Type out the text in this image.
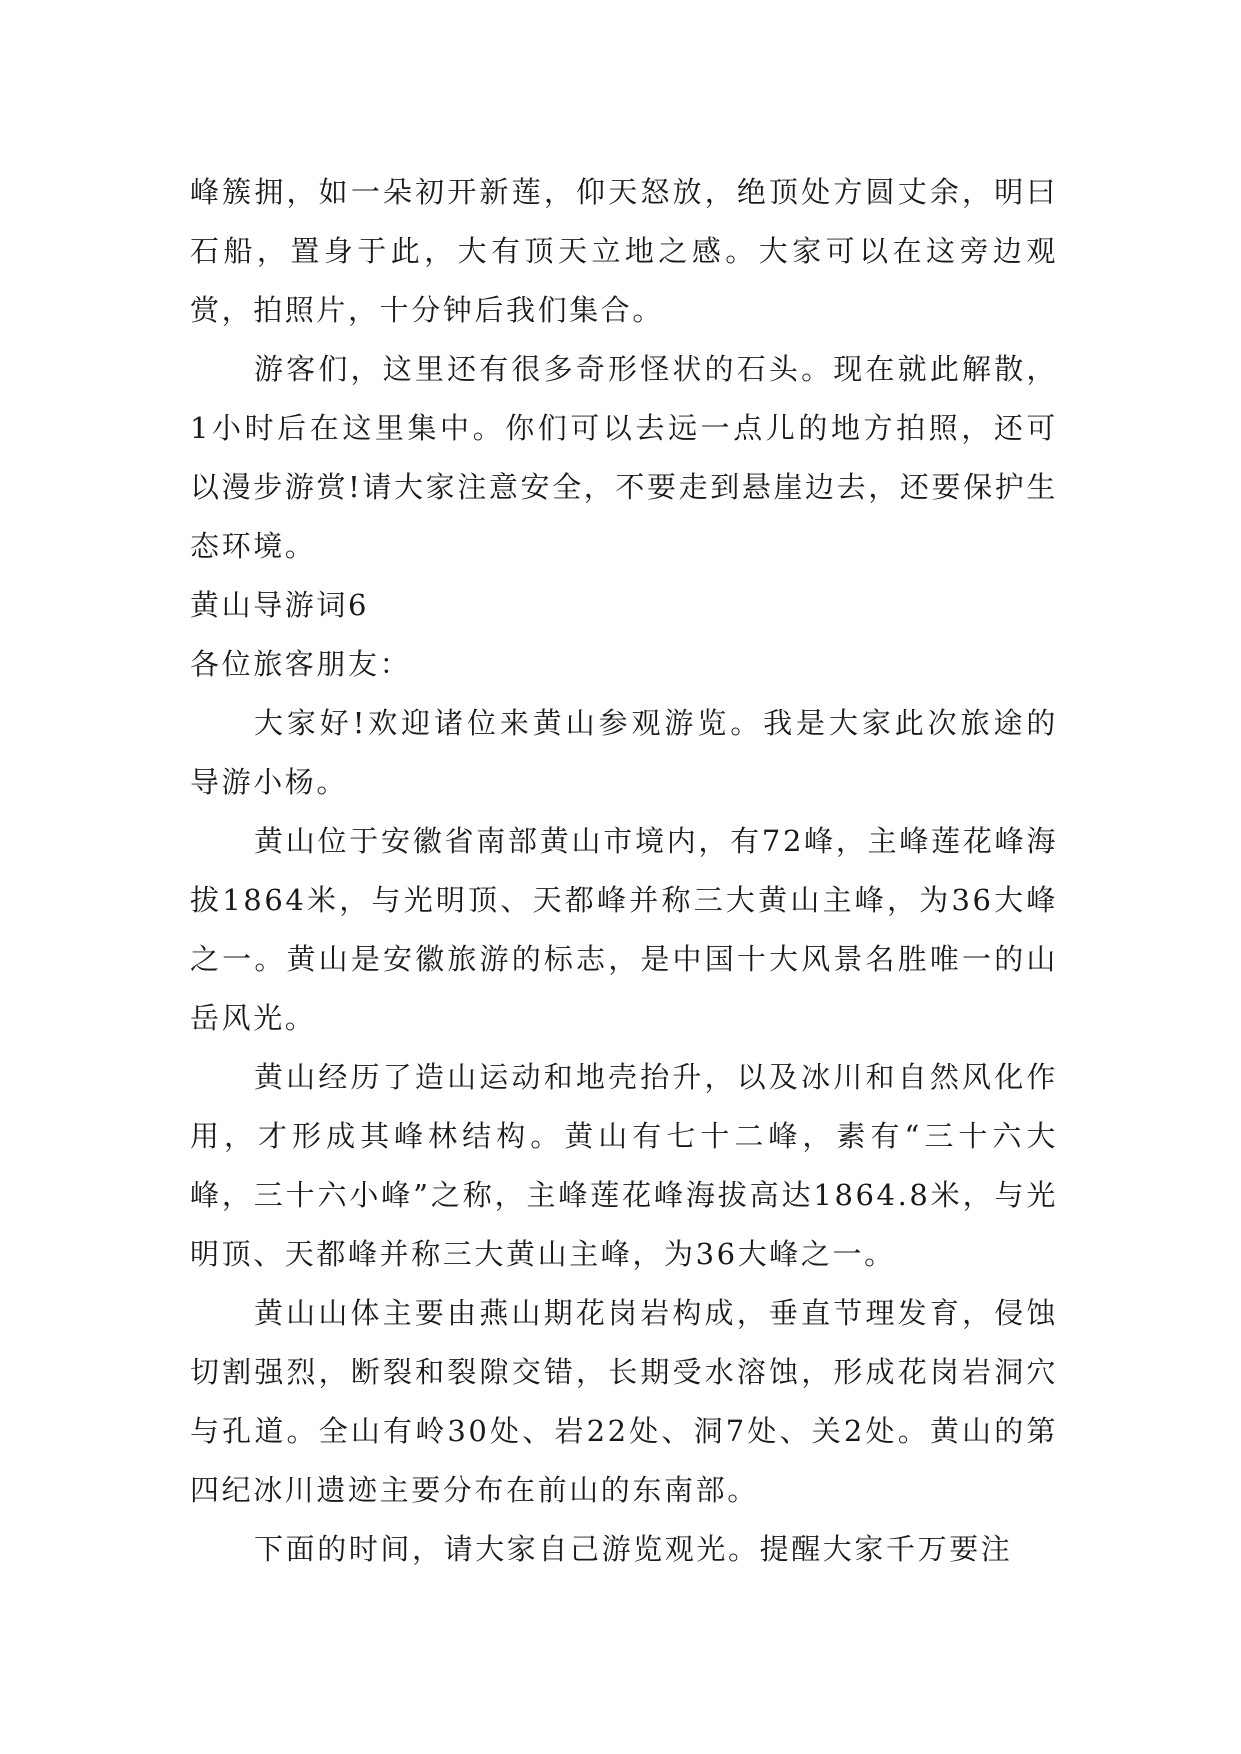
峰簇拥，如一朵初开新莲，仰天怒放，绝顶处方圆丈余，明曰石船，置身于此，大有顶天立地之感。大家可以在这旁边观赏，拍照片，十分钟后我们集合。

游客们，这里还有很多奇形怪状的石头。现在就此解散，1小时后在这里集中。你们可以去远一点儿的地方拍照，还可以漫步游赏!请大家注意安全，不要走到悬崖边去，还要保护生态环境。

黄山导游词6

各位旅客朋友：

大家好!欢迎诸位来黄山参观游览。我是大家此次旅途的导游小杨。

黄山位于安徽省南部黄山市境内，有72峰，主峰莲花峰海拔1864米，与光明顶、天都峰并称三大黄山主峰，为36大峰之一。黄山是安徽旅游的标志，是中国十大风景名胜唯一的山岳风光。

黄山经历了造山运动和地壳抬升，以及冰川和自然风化作用，才形成其峰林结构。黄山有七十二峰，素有“三十六大峰，三十六小峰”之称，主峰莲花峰海拔高达1864.8米，与光明顶、天都峰并称三大黄山主峰，为36大峰之一。

黄山山体主要由燕山期花岗岩构成，垂直节理发育，侵蚀切割强烈，断裂和裂隙交错，长期受水溶蚀，形成花岗岩洞穴与孔道。全山有岭30处、岩22处、洞7处、关2处。黄山的第四纪冰川遗迹主要分布在前山的东南部。

下面的时间，请大家自己游览观光。提醒大家千万要注
